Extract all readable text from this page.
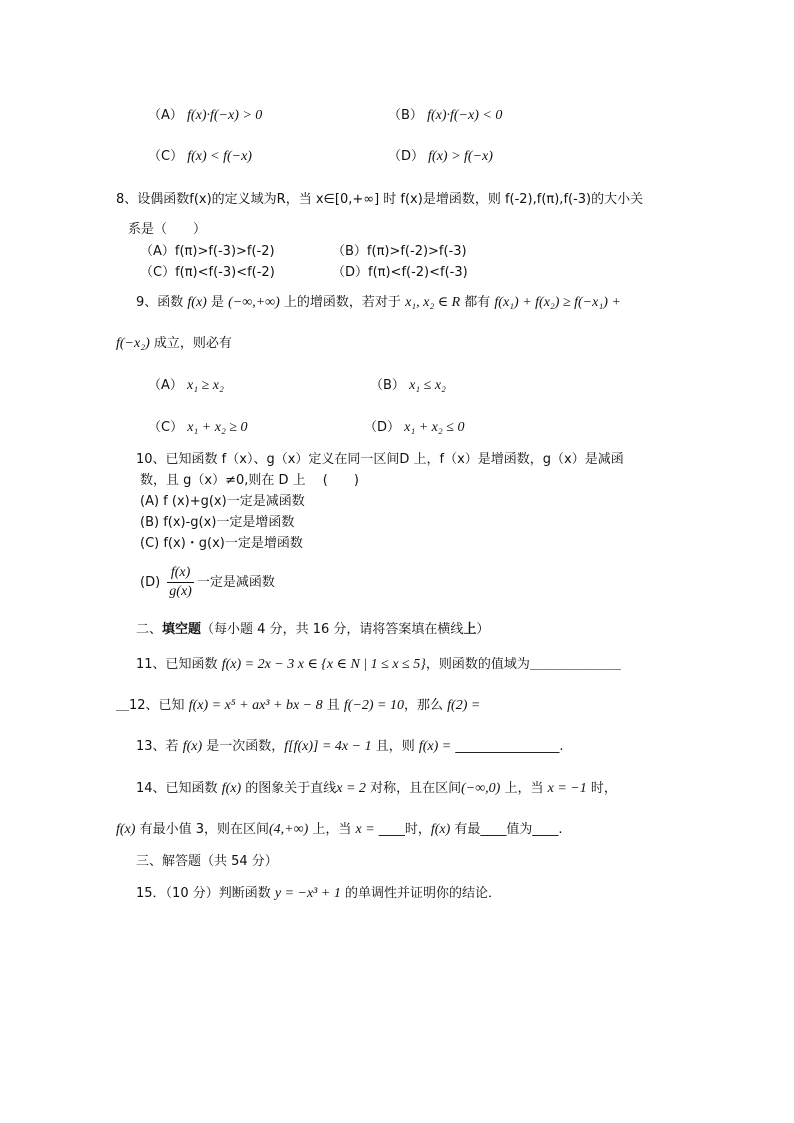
（A） f(x)·f(−x) > 0	（B） f(x)·f(−x) < 0
（C） f(x) < f(−x)	（D） f(x) > f(−x)
8、设偶函数f(x)的定义域为R，当 x∈[0,+∞] 时 f(x)是增函数，则 f(-2),f(π),f(-3)的大小关
系是（　　）
（A）f(π)>f(-3)>f(-2)	（B）f(π)>f(-2)>f(-3)
（C）f(π)<f(-3)<f(-2)	（D）f(π)<f(-2)<f(-3)
9、函数 f(x) 是 (−∞,+∞) 上的增函数，若对于 x₁, x₂ ∈ R 都有 f(x₁) + f(x₂) ≥ f(−x₁) +
f(−x₂) 成立，则必有
（A） x₁ ≥ x₂	（B） x₁ ≤ x₂
（C） x₁ + x₂ ≥ 0	（D） x₁ + x₂ ≤ 0
10、已知函数 f（x）、g（x）定义在同一区间D 上，f（x）是增函数，g（x）是减函
数，且 g（x）≠0,则在 D 上　 (　　)
(A) f (x)+g(x)一定是减函数
(B) f(x)-g(x)一定是增函数
(C) f(x)・g(x)一定是增函数
$(D) \frac{f(x)}{g(x)}$ 一定是减函数
二、填空题（每小题 4 分，共 16 分，请将答案填在横线上）
11、已知函数 f(x) = 2x − 3 x ∈ {x ∈ N | 1 ≤ x ≤ 5}，则函数的值域为＿＿＿＿＿＿＿
＿12、已知 f(x) = x⁵ + ax³ + bx − 8 且 f(−2) = 10，那么 f(2) =
13、若 f(x) 是一次函数，f[f(x)] = 4x − 1 且，则 f(x) = ________________.
14、已知函数 f(x) 的图象关于直线x = 2 对称，且在区间(−∞,0) 上，当 x = −1 时，
f(x) 有最小值 3，则在区间(4,+∞) 上，当 x = ____时，f(x) 有最____值为____.
三、解答题（共 54 分）
15．（10 分）判断函数 y = −x³ + 1 的单调性并证明你的结论．
